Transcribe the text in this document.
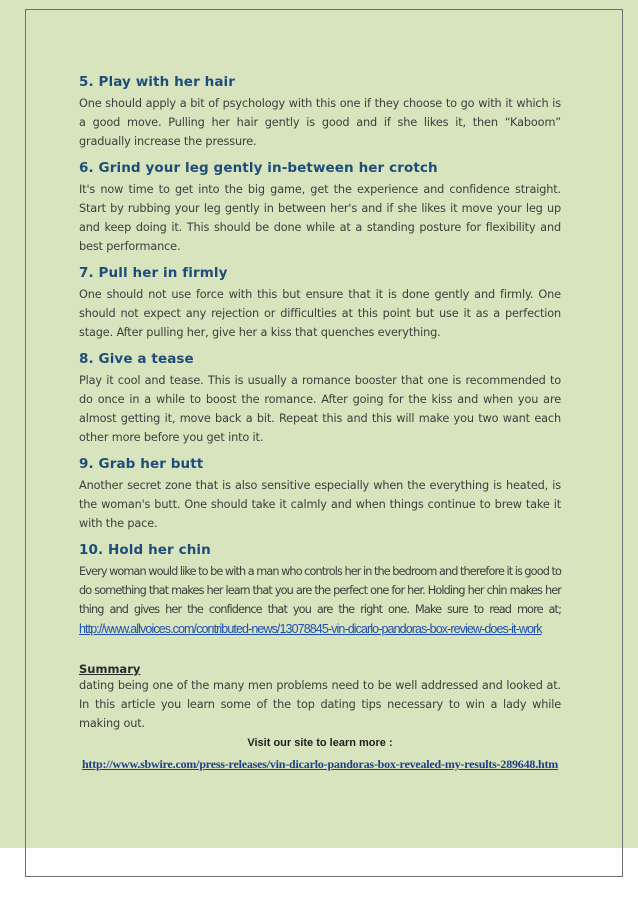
5. Play with her hair

One should apply a bit of psychology with this one if they choose to go with it which is a good move. Pulling her hair gently is good and if she likes it, then “Kaboom” gradually increase the pressure.

6. Grind your leg gently in-between her crotch

It's now time to get into the big game, get the experience and confidence straight. Start by rubbing your leg gently in between her's and if she likes it move your leg up and keep doing it. This should be done while at a standing posture for flexibility and best performance.

7. Pull her in firmly

One should not use force with this but ensure that it is done gently and firmly. One should not expect any rejection or difficulties at this point but use it as a perfection stage. After pulling her, give her a kiss that quenches everything.

8. Give a tease

Play it cool and tease. This is usually a romance booster that one is recommended to do once in a while to boost the romance. After going for the kiss and when you are almost getting it, move back a bit. Repeat this and this will make you two want each other more before you get into it.

9. Grab her butt

Another secret zone that is also sensitive especially when the everything is heated, is the woman's butt. One should take it calmly and when things continue to brew take it with the pace.

10. Hold her chin

Every woman would like to be with a man who controls her in the bedroom and therefore it is good to do something that makes her learn that you are the perfect one for her. Holding her chin makes her thing and gives her the confidence that you are the right one. Make sure to read more at; http://www.allvoices.com/contributed-news/13078845-vin-dicarlo-pandoras-box-review-does-it-work

Summary

dating being one of the many men problems need to be well addressed and looked at. In this article you learn some of the top dating tips necessary to win a lady while making out.

Visit our site to learn more :
http://www.sbwire.com/press-releases/vin-dicarlo-pandoras-box-revealed-my-results-289648.htm
